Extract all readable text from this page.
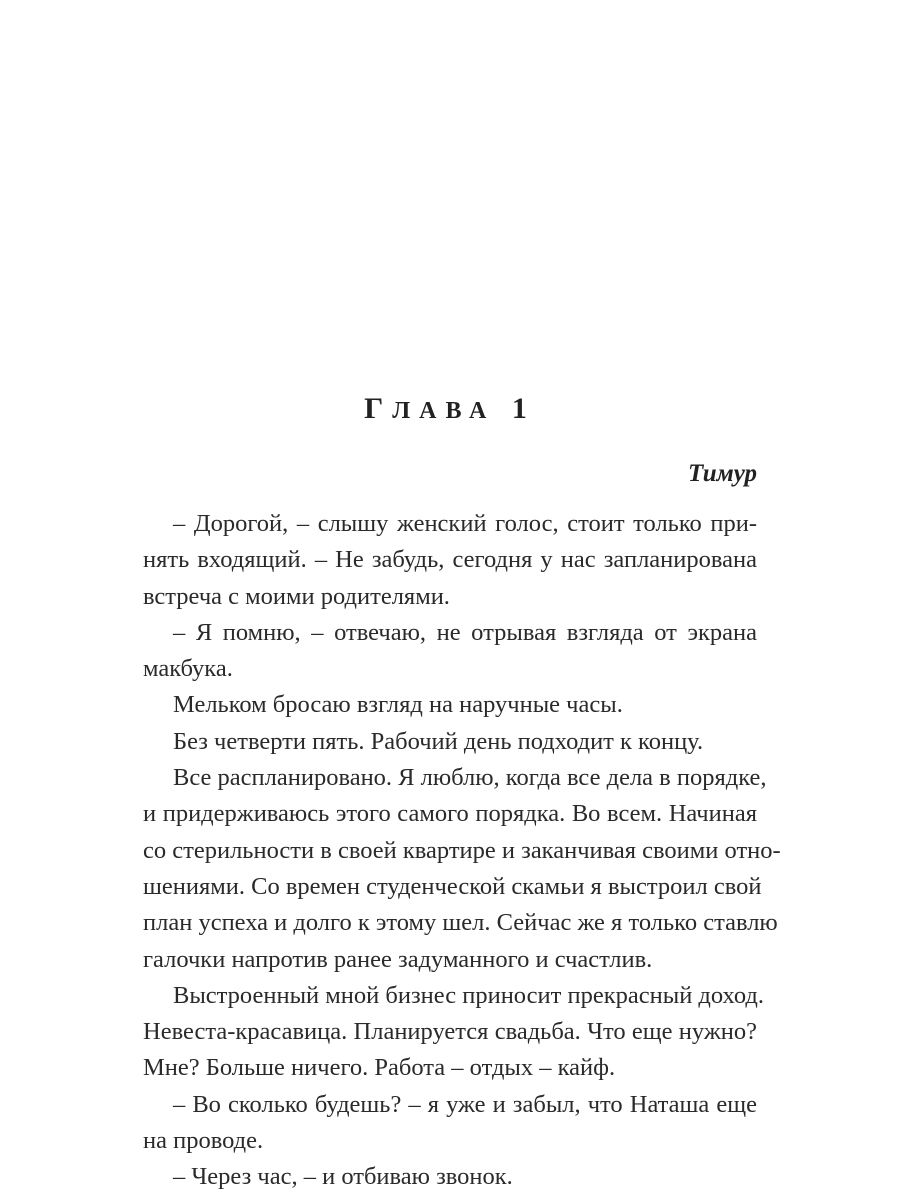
ГЛАВА 1
Тимур
– Дорогой, – слышу женский голос, стоит только при-
нять входящий. – Не забудь, сегодня у нас запланирована
встреча с моими родителями.
– Я помню, – отвечаю, не отрывая взгляда от экрана
макбука.
Мельком бросаю взгляд на наручные часы.
Без четверти пять. Рабочий день подходит к концу.
Все распланировано. Я люблю, когда все дела в порядке,
и придерживаюсь этого самого порядка. Во всем. Начиная
со стерильности в своей квартире и заканчивая своими отно-
шениями. Со времен студенческой скамьи я выстроил свой
план успеха и долго к этому шел. Сейчас же я только ставлю
галочки напротив ранее задуманного и счастлив.
Выстроенный мной бизнес приносит прекрасный доход.
Невеста-красавица. Планируется свадьба. Что еще нужно?
Мне? Больше ничего. Работа – отдых – кайф.
– Во сколько будешь? – я уже и забыл, что Наташа еще
на проводе.
– Через час, – и отбиваю звонок.
